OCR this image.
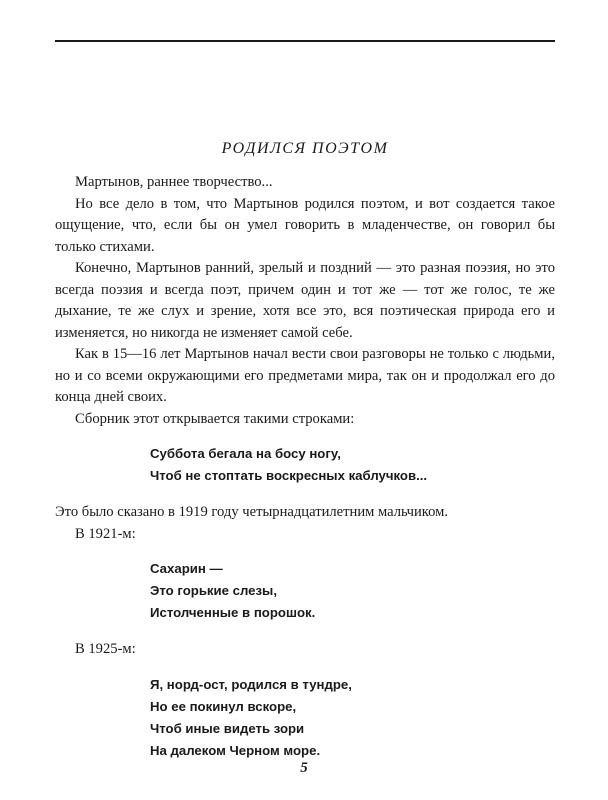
РОДИЛСЯ ПОЭТОМ

Мартынов, раннее творчество...

Но все дело в том, что Мартынов родился поэтом, и вот создается такое ощущение, что, если бы он умел говорить в младенчестве, он говорил бы только стихами.

Конечно, Мартынов ранний, зрелый и поздний — это разная поэзия, но это всегда поэзия и всегда поэт, причем один и тот же — тот же голос, те же дыхание, те же слух и зрение, хотя все это, вся поэтическая природа его и изменяется, но никогда не изменяет самой себе.

Как в 15—16 лет Мартынов начал вести свои разговоры не только с людьми, но и со всеми окружающими его предметами мира, так он и продолжал его до конца дней своих.

Сборник этот открывается такими строками:

Суббота бегала на босу ногу,
Чтоб не стоптать воскресных каблучков...

Это было сказано в 1919 году четырнадцатилетним мальчиком.

В 1921-м:

Сахарин —
Это горькие слезы,
Истолченные в порошок.

В 1925-м:

Я, норд-ост, родился в тундре,
Но ее покинул вскоре,
Чтоб иные видеть зори
На далеком Черном море.
5
